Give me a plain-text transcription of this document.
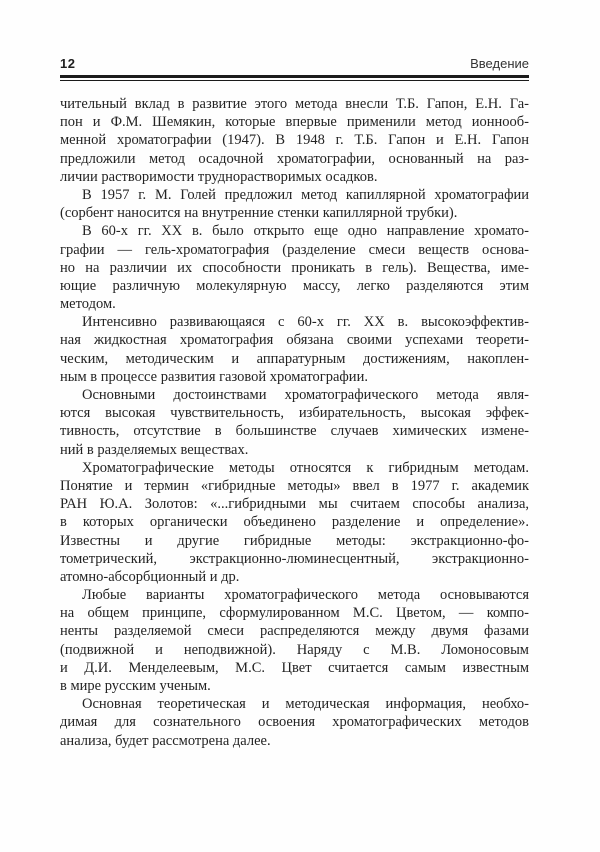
12	Введение
чительный вклад в развитие этого метода внесли Т.Б. Гапон, Е.Н. Га-
пон и Ф.М. Шемякин, которые впервые применили метод ионнооб-
менной хроматографии (1947). В 1948 г. Т.Б. Гапон и Е.Н. Гапон
предложили метод осадочной хроматографии, основанный на раз-
личии растворимости труднорастворимых осадков.
В 1957 г. М. Голей предложил метод капиллярной хроматографии
(сорбент наносится на внутренние стенки капиллярной трубки).
В 60-х гг. XX в. было открыто еще одно направление хромато-
графии — гель-хроматография (разделение смеси веществ основа-
но на различии их способности проникать в гель). Вещества, име-
ющие различную молекулярную массу, легко разделяются этим
методом.
Интенсивно развивающаяся с 60-х гг. XX в. высокоэффектив-
ная жидкостная хроматография обязана своими успехами теорети-
ческим, методическим и аппаратурным достижениям, накоплен-
ным в процессе развития газовой хроматографии.
Основными достоинствами хроматографического метода явля-
ются высокая чувствительность, избирательность, высокая эффек-
тивность, отсутствие в большинстве случаев химических измене-
ний в разделяемых веществах.
Хроматографические методы относятся к гибридным методам.
Понятие и термин «гибридные методы» ввел в 1977 г. академик
РАН Ю.А. Золотов: «...гибридными мы считаем способы анализа,
в которых органически объединено разделение и определение».
Известны и другие гибридные методы: экстракционно-фо-
тометрический, экстракционно-люминесцентный, экстракционно-
атомно-абсорбционный и др.
Любые варианты хроматографического метода основываются
на общем принципе, сформулированном М.С. Цветом, — компо-
ненты разделяемой смеси распределяются между двумя фазами
(подвижной и неподвижной). Наряду с М.В. Ломоносовым
и Д.И. Менделеевым, М.С. Цвет считается самым известным
в мире русским ученым.
Основная теоретическая и методическая информация, необхо-
димая для сознательного освоения хроматографических методов
анализа, будет рассмотрена далее.
